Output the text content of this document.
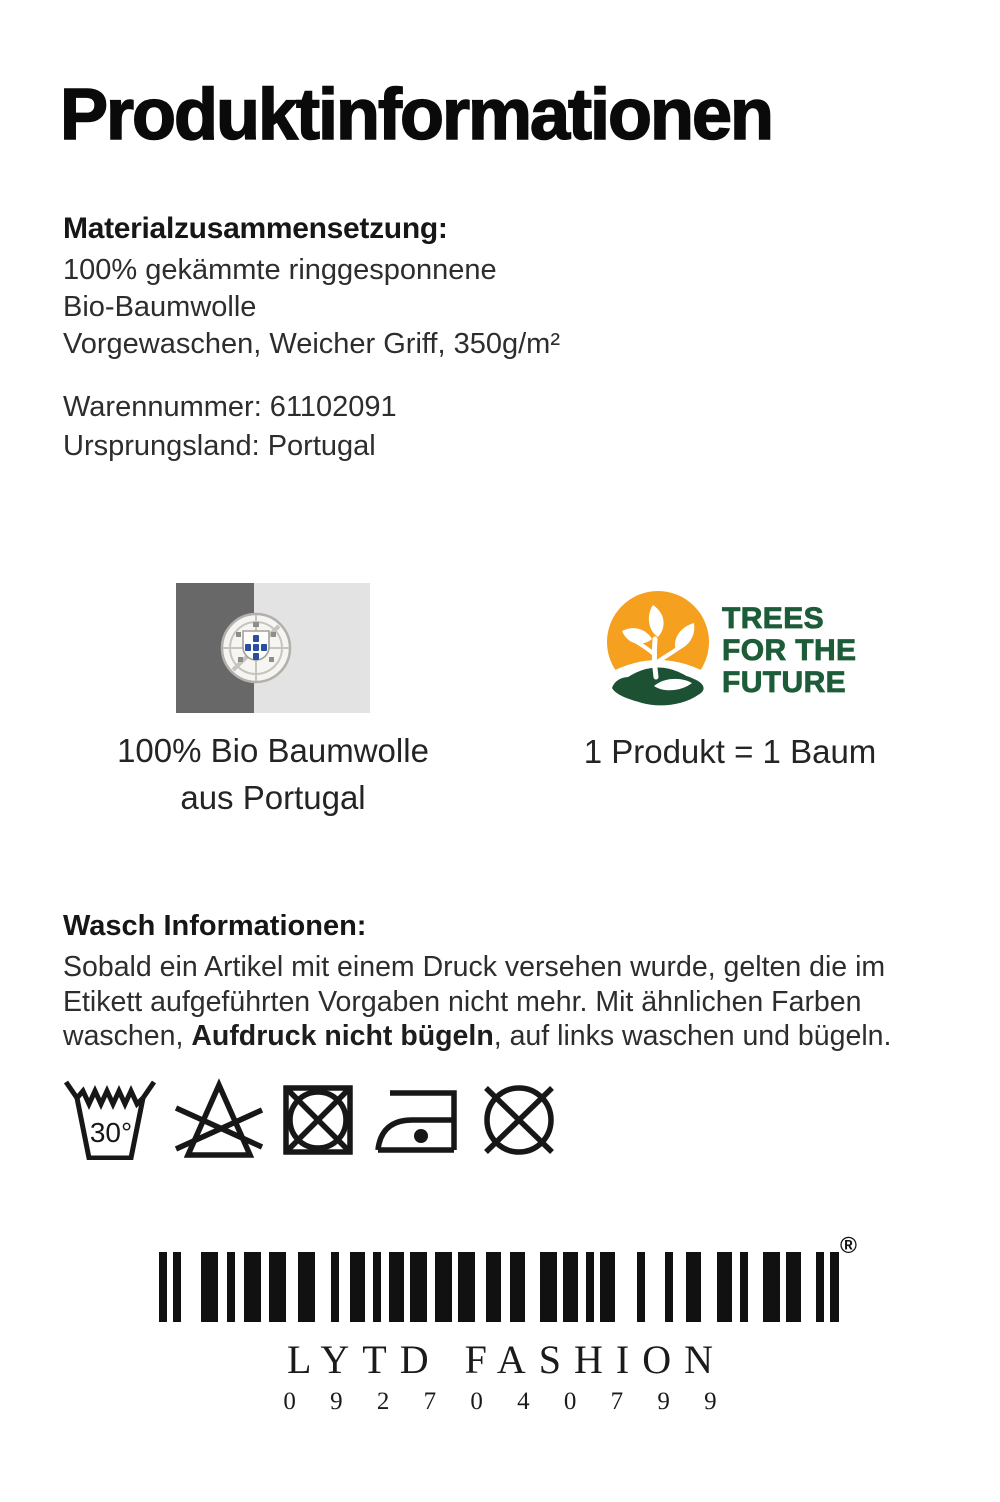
Produktinformationen
Materialzusammensetzung:
100% gekämmte ringgesponnene
Bio-Baumwolle
Vorgewaschen, Weicher Griff, 350g/m²
Warennummer: 61102091
Ursprungsland: Portugal
100% Bio Baumwolle
aus Portugal
TREES
FOR THE
FUTURE
1 Produkt = 1 Baum
Wasch Informationen:
Sobald ein Artikel mit einem Druck versehen wurde, gelten die im
Etikett aufgeführten Vorgaben nicht mehr. Mit ähnlichen Farben
waschen, Aufdruck nicht bügeln, auf links waschen und bügeln.
30°
®
LYTD FASHION
0 9 2 7 0 4 0 7 9 9
